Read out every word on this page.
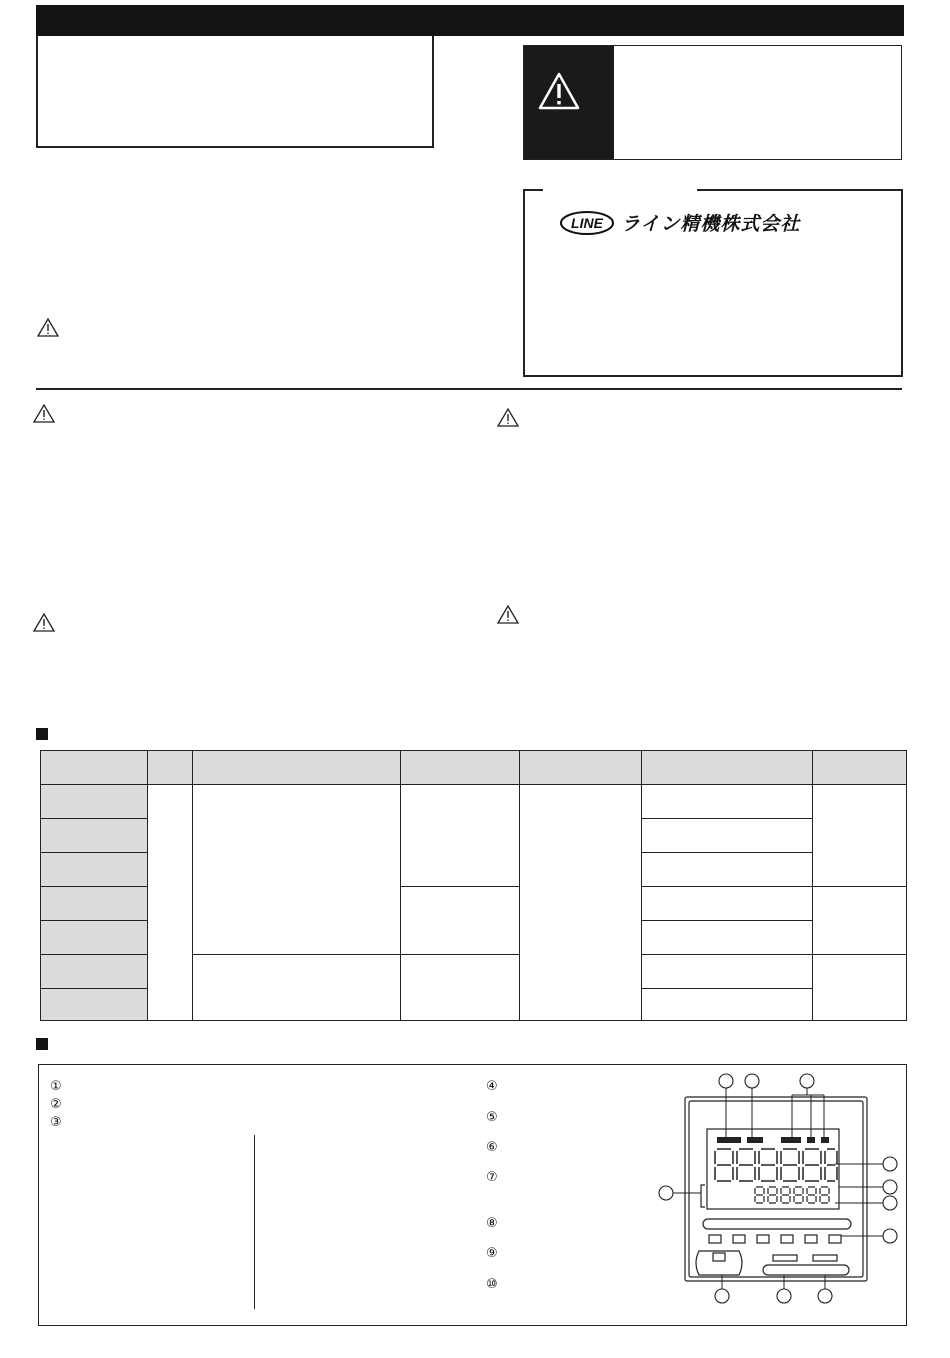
LINE ライン精機株式会社
①
②
③
④
⑤
⑥
⑦
⑧
⑨
⑩
